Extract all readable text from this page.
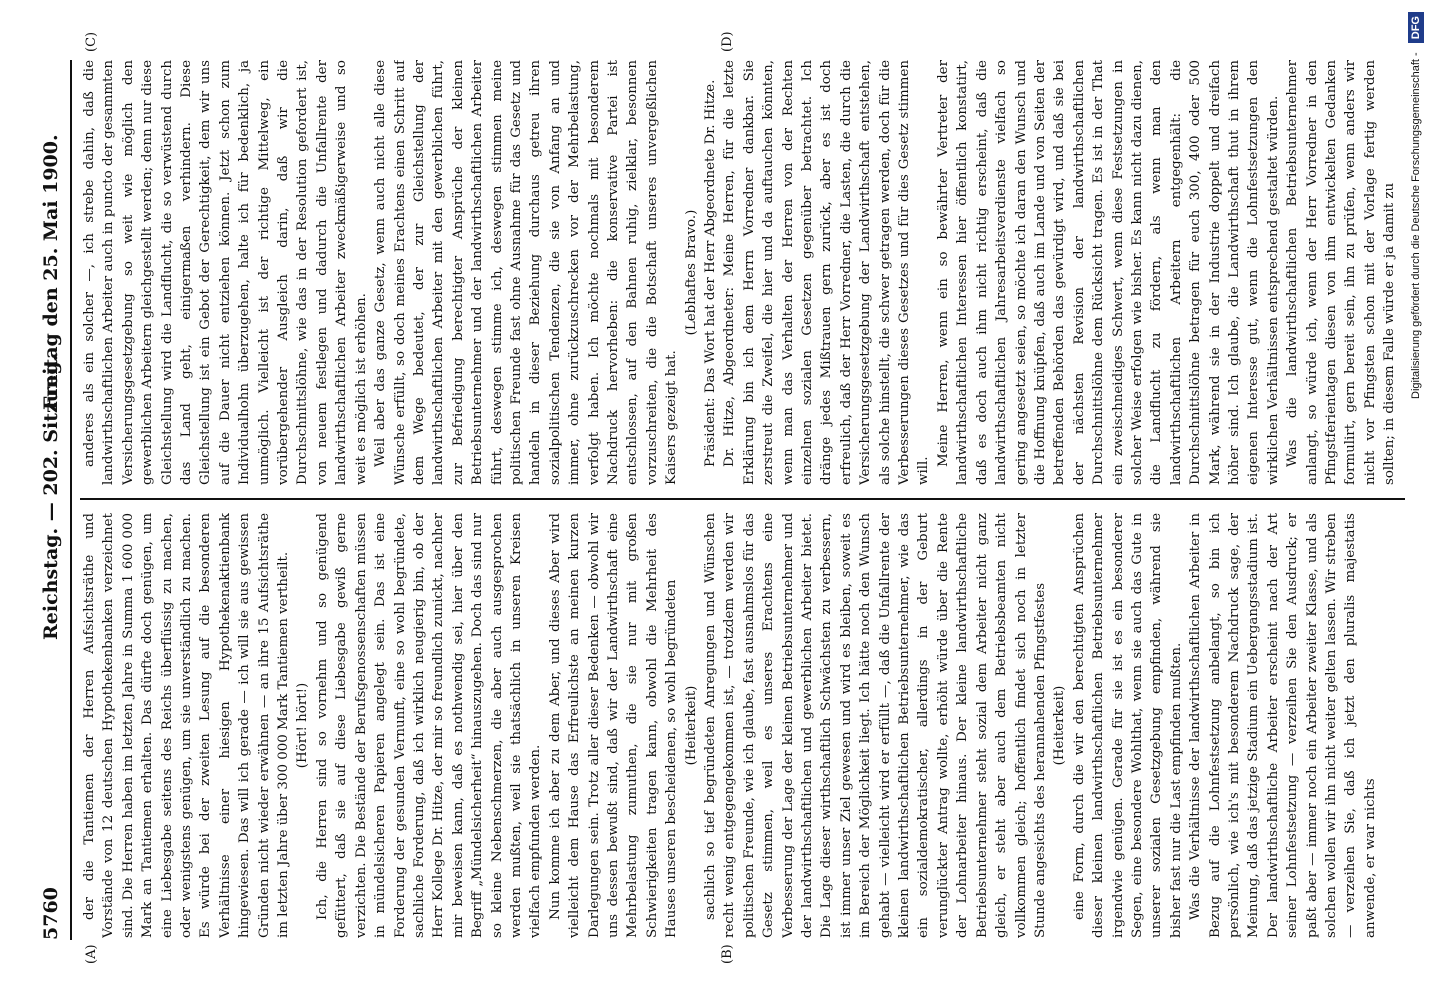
5760
Reichstag. — 202. Sitzung.
Freitag den 25. Mai 1900.
(A)	(B)
(C)	(D)

der die Tantiemen der Herren Aufsichtsräthe und Vorstände von 12 deutschen Hypothekenbanken verzeichnet sind. Die Herren haben im letzten Jahre in Summa 1 600 000 Mark an Tantiemen erhalten. Das dürfte doch genügen, um eine Liebesgabe seitens des Reichs überflüssig zu machen, oder wenigstens genügen, um sie unverständlich zu machen. Es würde bei der zweiten Lesung auf die besonderen Verhältnisse einer hiesigen Hypothekenaktienbank hingewiesen. Das will ich gerade — ich will sie aus gewissen Gründen nicht wieder erwähnen — an ihre 15 Aufsichtsräthe im letzten Jahre über 300 000 Mark Tantiemen vertheilt. (Hört! hört!) Ich, die Herren sind so vornehm und so genügend gefüttert, daß sie auf diese Liebesgabe gewiß gerne verzichten. Die Bestände der Berufsgenossenschaften müssen in mündelsicheren Papieren angelegt sein. Das ist eine Forderung der gesunden Vernunft, eine so wohl begründete, sachliche Forderung, daß ich wirklich neugierig bin, ob der Herr Kollege Dr. Hitze, der mir so freundlich zunickt, nachher mir beweisen kann, daß es nothwendig sei, hier über den Begriff „Mündelsicherheit“ hinauszugehen. Doch das sind nur so kleine Nebenschmerzen, die aber auch ausgesprochen werden mußten, weil sie thatsächlich in unseren Kreisen vielfach empfunden werden. Nun komme ich aber zu dem Aber, und dieses Aber wird vielleicht dem Hause das Erfreulichste an meinen kurzen Darlegungen sein. Trotz aller dieser Bedenken — obwohl wir uns dessen bewußt sind, daß wir der Landwirthschaft eine Mehrbelastung zumuthen, die sie nur mit großen Schwierigkeiten tragen kann, obwohl die Mehrheit des Hauses unseren bescheidenen, so wohl begründeten (Heiterkeit) sachlich so tief begründeten Anregungen und Wünschen recht wenig entgegengekommen ist, — trotzdem werden wir politischen Freunde, wie ich glaube, fast ausnahmslos für das Gesetz stimmen, weil es unseres Erachtens eine Verbesserung der Lage der kleinen Betriebsunternehmer und der landwirthschaftlichen und gewerblichen Arbeiter bietet. Die Lage dieser wirthschaftlich Schwächsten zu verbessern, ist immer unser Ziel gewesen und wird es bleiben, soweit es im Bereich der Möglichkeit liegt. Ich hätte noch den Wunsch gehabt — vielleicht wird er erfüllt —, daß die Unfallrente der kleinen landwirthschaftlichen Betriebsunternehmer, wie das ein sozialdemokratischer, allerdings in der Geburt verunglückter Antrag wollte, erhöht würde über die Rente der Lohnarbeiter hinaus. Der kleine landwirthschaftliche Betriebsunternehmer steht sozial dem Arbeiter nicht ganz gleich, er steht aber auch dem Betriebsbeamten nicht vollkommen gleich; hoffentlich findet sich noch in letzter Stunde angesichts des herannahenden Pfingstfestes (Heiterkeit) eine Form, durch die wir den berechtigten Ansprüchen dieser kleinen landwirthschaftlichen Betriebsunternehmer irgendwie genügen. Gerade für sie ist es ein besonderer Segen, eine besondere Wohlthat, wenn sie auch das Gute in unserer sozialen Gesetzgebung empfinden, während sie bisher fast nur die Last empfinden mußten. Was die Verhältnisse der landwirthschaftlichen Arbeiter in Bezug auf die Lohnfestsetzung anbelangt, so bin ich persönlich, wie ich's mit besonderem Nachdruck sage, der Meinung, daß das jetzige Stadium ein Uebergangsstadium ist. Der landwirthschaftliche Arbeiter erscheint nach der Art seiner Lohnfestsetzung — verzeihen Sie den Ausdruck; er paßt aber — immer noch ein Arbeiter zweiter Klasse, und als solchen wollen wir ihn nicht weiter gelten lassen. Wir streben — verzeihen Sie, daß ich jetzt den pluralis majestatis anwende, er war nichts

anderes als ein solcher —, ich strebe dahin, daß die landwirthschaftlichen Arbeiter auch in puncto der gesammten Versicherungsgesetzgebung so weit wie möglich den gewerblichen Arbeitern gleichgestellt werden; denn nur diese Gleichstellung wird die Landflucht, die so verwüstend durch das Land geht, einigermaßen verhindern. Diese Gleichstellung ist ein Gebot der Gerechtigkeit, dem wir uns auf die Dauer nicht entziehen können. Jetzt schon zum Individualhohn überzugehen, halte ich für bedenklich, ja unmöglich. Vielleicht ist der richtige Mittelweg, ein vorübergehender Ausgleich darin, daß wir die Durchschnittslöhne, wie das in der Resolution gefordert ist, von neuem festlegen und dadurch die Unfallrente der landwirthschaftlichen Arbeiter zweckmäßigerweise und so weit es möglich ist erhöhen. Weil aber das ganze Gesetz, wenn auch nicht alle diese Wünsche erfüllt, so doch meines Erachtens einen Schritt auf dem Wege bedeutet, der zur Gleichstellung der landwirthschaftlichen Arbeiter mit den gewerblichen führt, zur Befriedigung berechtigter Ansprüche der kleinen Betriebsunternehmer und der landwirthschaftlichen Arbeiter führt, deswegen stimme ich, deswegen stimmen meine politischen Freunde fast ohne Ausnahme für das Gesetz und handeln in dieser Beziehung durchaus getreu ihren sozialpolitischen Tendenzen, die sie von Anfang an und immer, ohne zurückzuschrecken vor der Mehrbelastung, verfolgt haben. Ich möchte nochmals mit besonderem Nachdruck hervorheben: die konservative Partei ist entschlossen, auf den Bahnen ruhig, zielklar, besonnen vorzuschreiten, die die Botschaft unseres unvergeßlichen Kaisers gezeigt hat.

(Lebhaftes Bravo.) Präsident: Das Wort hat der Herr Abgeordnete Dr. Hitze. Dr. Hitze, Abgeordneter: Meine Herren, für die letzte Erklärung bin ich dem Herrn Vorredner dankbar. Sie zerstreut die Zweifel, die hier und da auftauchen könnten, wenn man das Verhalten der Herren von der Rechten einzelnen sozialen Gesetzen gegenüber betrachtet. Ich dränge jedes Mißtrauen gern zurück, aber es ist doch erfreulich, daß der Herr Vorredner, die Lasten, die durch die Versicherungsgesetzgebung der Landwirthschaft entstehen, als solche hinstellt, die schwer getragen werden, doch für die Verbesserungen dieses Gesetzes und für dies Gesetz stimmen will.

Meine Herren, wenn ein so bewährter Vertreter der landwirthschaftlichen Interessen hier öffentlich konstatirt, daß es doch auch ihm nicht richtig erscheint, daß die landwirthschaftlichen Jahresarbeitsverdienste vielfach so gering angesetzt seien, so möchte ich daran den Wunsch und die Hoffnung knüpfen, daß auch im Lande und von Seiten der betreffenden Behörden das gewürdigt wird, und daß sie bei der nächsten Revision der landwirthschaftlichen Durchschnittslöhne dem Rücksicht tragen. Es ist in der That ein zweischneidiges Schwert, wenn diese Festsetzungen in solcher Weise erfolgen wie bisher. Es kann nicht dazu dienen, die Landflucht zu fördern, als wenn man den landwirthschaftlichen Arbeitern entgegenhält: die Durchschnittslöhne betragen für euch 300, 400 oder 500 Mark, während sie in der Industrie doppelt und dreifach höher sind. Ich glaube, die Landwirthschaft thut in ihrem eigenen Interesse gut, wenn die Lohnfestsetzungen den wirklichen Verhältnissen entsprechend gestaltet würden. Was die landwirthschaftlichen Betriebsunternehmer anlangt, so würde ich, wenn der Herr Vorredner in den Pfingstferientagen diesen von ihm entwickelten Gedanken formulirt, gern bereit sein, ihn zu prüfen, wenn anders wir nicht vor Pfingsten schon mit der Vorlage fertig werden sollten; in diesem Falle würde er ja damit zu	Digitalisierung gefördert durch die Deutsche Forschungsgemeinschaft - DFG
